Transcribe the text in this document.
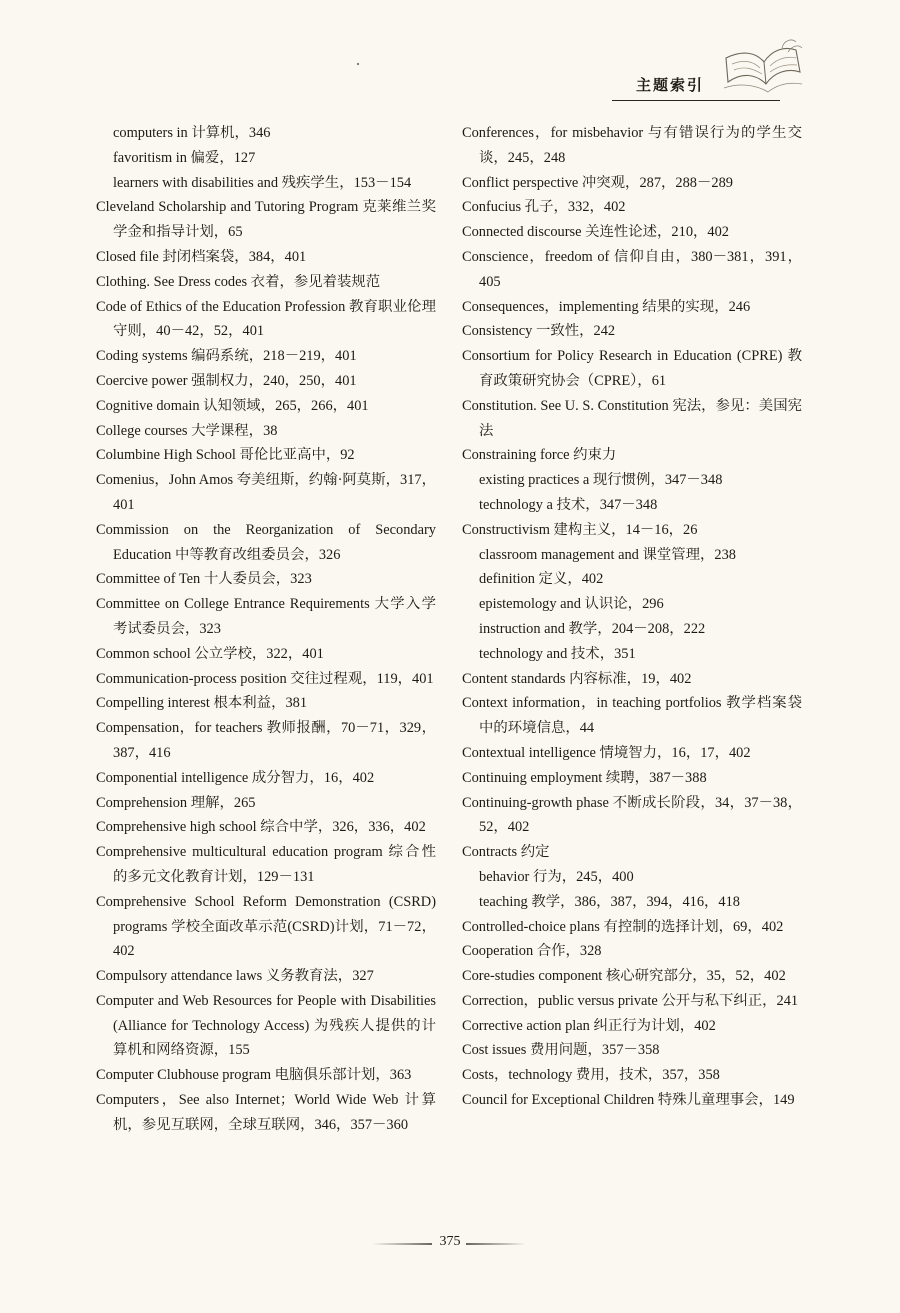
主题索引
computers in 计算机，346
favoritism in 偏爱，127
learners with disabilities and 残疾学生，153－154
Cleveland Scholarship and Tutoring Program 克莱维兰奖学金和指导计划，65
Closed file 封闭档案袋，384，401
Clothing. See Dress codes 衣着，参见着装规范
Code of Ethics of the Education Profession 教育职业伦理守则，40－42，52，401
Coding systems 编码系统，218－219，401
Coercive power 强制权力，240，250，401
Cognitive domain 认知领域，265，266，401
College courses 大学课程，38
Columbine High School 哥伦比亚高中，92
Comenius，John Amos 夸美纽斯，约翰·阿莫斯，317，401
Commission on the Reorganization of Secondary Education 中等教育改组委员会，326
Committee of Ten 十人委员会，323
Committee on College Entrance Requirements 大学入学考试委员会，323
Common school 公立学校，322，401
Communication-process position 交往过程观，119，401
Compelling interest 根本利益，381
Compensation，for teachers 教师报酬，70－71，329，387，416
Componential intelligence 成分智力，16，402
Comprehension 理解，265
Comprehensive high school 综合中学，326，336，402
Comprehensive multicultural education program 综合性的多元文化教育计划，129－131
Comprehensive School Reform Demonstration (CSRD) programs 学校全面改革示范(CSRD)计划，71－72，402
Compulsory attendance laws 义务教育法，327
Computer and Web Resources for People with Disabilities (Alliance for Technology Access) 为残疾人提供的计算机和网络资源，155
Computer Clubhouse program 电脑俱乐部计划，363
Computers，See also Internet；World Wide Web 计算机，参见互联网，全球互联网，346，357－360
Conferences，for misbehavior 与有错误行为的学生交谈，245，248
Conflict perspective 冲突观，287，288－289
Confucius 孔子，332，402
Connected discourse 关连性论述，210，402
Conscience，freedom of 信仰自由，380－381，391，405
Consequences，implementing 结果的实现，246
Consistency 一致性，242
Consortium for Policy Research in Education (CPRE) 教育政策研究协会（CPRE），61
Constitution. See U. S. Constitution 宪法，参见：美国宪法
Constraining force 约束力
existing practices a 现行惯例，347－348
technology a 技术，347－348
Constructivism 建构主义，14－16，26
classroom management and 课堂管理，238
definition 定义，402
epistemology and 认识论，296
instruction and 教学，204－208，222
technology and 技术，351
Content standards 内容标准，19，402
Context information，in teaching portfolios 教学档案袋中的环境信息，44
Contextual intelligence 情境智力，16，17，402
Continuing employment 续聘，387－388
Continuing-growth phase 不断成长阶段，34，37－38，52，402
Contracts 约定
behavior 行为，245，400
teaching 教学，386，387，394，416，418
Controlled-choice plans 有控制的选择计划，69，402
Cooperation 合作，328
Core-studies component 核心研究部分，35，52，402
Correction，public versus private 公开与私下纠正，241
Corrective action plan 纠正行为计划，402
Cost issues 费用问题，357－358
Costs，technology 费用，技术，357，358
Council for Exceptional Children 特殊儿童理事会，149
375
